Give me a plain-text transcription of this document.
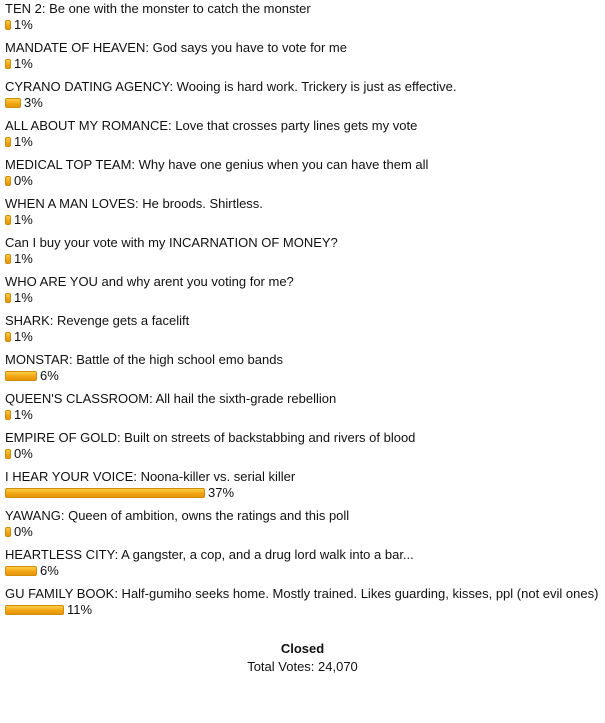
TEN 2: Be one with the monster to catch the monster
1%
MANDATE OF HEAVEN: God says you have to vote for me
1%
CYRANO DATING AGENCY: Wooing is hard work. Trickery is just as effective.
3%
ALL ABOUT MY ROMANCE: Love that crosses party lines gets my vote
1%
MEDICAL TOP TEAM: Why have one genius when you can have them all
0%
WHEN A MAN LOVES: He broods. Shirtless.
1%
Can I buy your vote with my INCARNATION OF MONEY?
1%
WHO ARE YOU and why arent you voting for me?
1%
SHARK: Revenge gets a facelift
1%
MONSTAR: Battle of the high school emo bands
6%
QUEEN'S CLASSROOM: All hail the sixth-grade rebellion
1%
EMPIRE OF GOLD: Built on streets of backstabbing and rivers of blood
0%
I HEAR YOUR VOICE: Noona-killer vs. serial killer
37%
YAWANG: Queen of ambition, owns the ratings and this poll
0%
HEARTLESS CITY: A gangster, a cop, and a drug lord walk into a bar...
6%
GU FAMILY BOOK: Half-gumiho seeks home. Mostly trained. Likes guarding, kisses, ppl (not evil ones)
11%
Closed
Total Votes: 24,070
